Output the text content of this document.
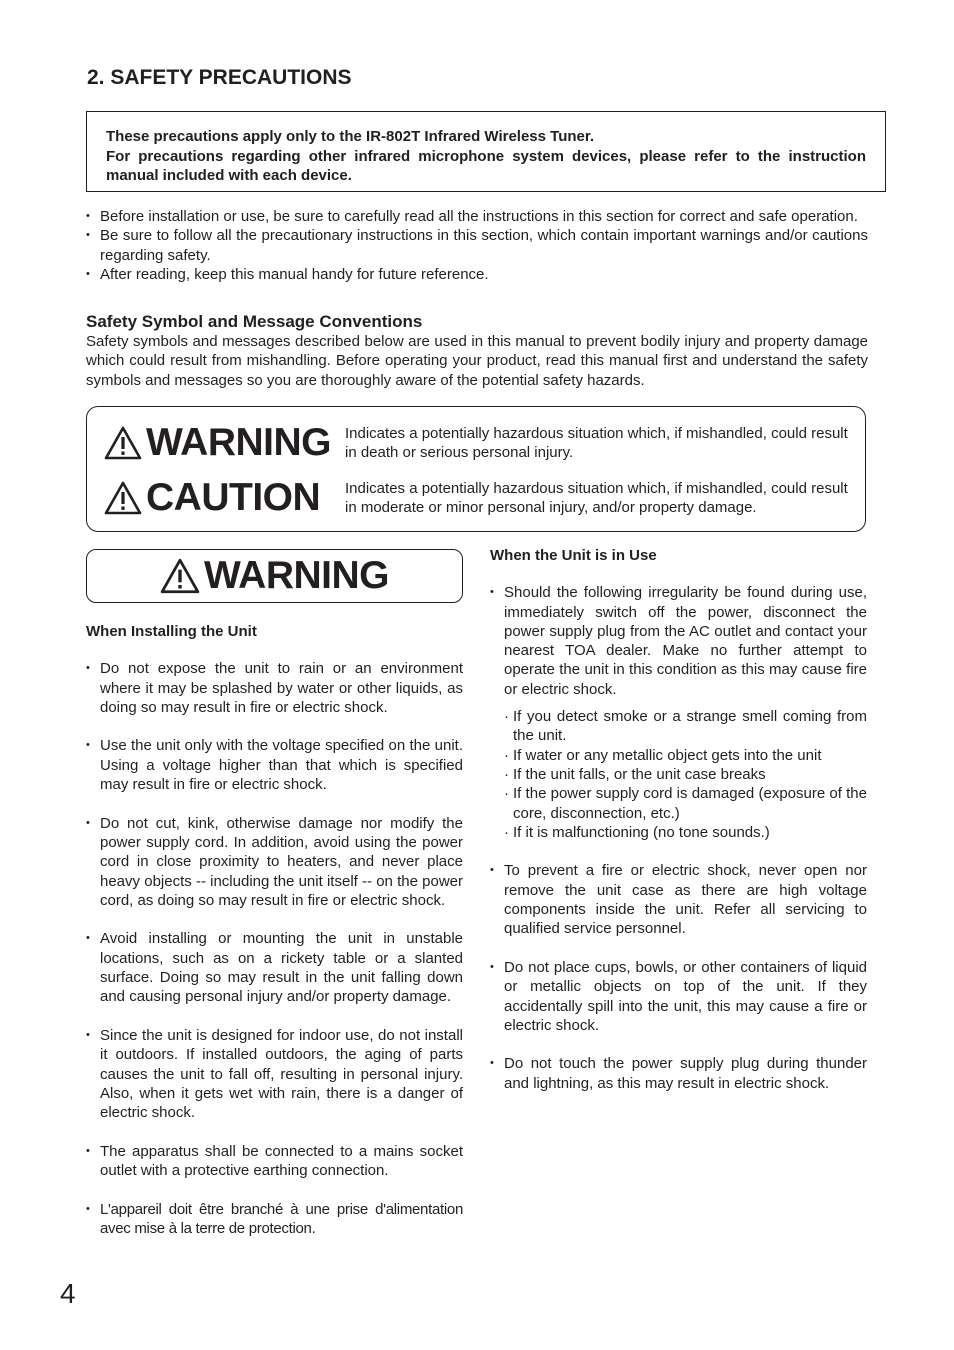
2. SAFETY PRECAUTIONS

These precautions apply only to the IR-802T Infrared Wireless Tuner.

For precautions regarding other infrared microphone system devices, please refer to the instruction manual included with each device.

• Before installation or use, be sure to carefully read all the instructions in this section for correct and safe operation.
• Be sure to follow all the precautionary instructions in this section, which contain important warnings and/or cautions regarding safety.
• After reading, keep this manual handy for future reference.
Safety Symbol and Message Conventions

Safety symbols and messages described below are used in this manual to prevent bodily injury and property damage which could result from mishandling. Before operating your product, read this manual first and understand the safety symbols and messages so you are thoroughly aware of the potential safety hazards.

WARNING Indicates a potentially hazardous situation which, if mishandled, could result in death or serious personal injury.

CAUTION Indicates a potentially hazardous situation which, if mishandled, could result in moderate or minor personal injury, and/or property damage.

WARNING
When Installing the Unit
• Do not expose the unit to rain or an environment where it may be splashed by water or other liquids, as doing so may result in fire or electric shock.
• Use the unit only with the voltage specified on the unit. Using a voltage higher than that which is specified may result in fire or electric shock.
• Do not cut, kink, otherwise damage nor modify the power supply cord. In addition, avoid using the power cord in close proximity to heaters, and never place heavy objects -- including the unit itself -- on the power cord, as doing so may result in fire or electric shock.
• Avoid installing or mounting the unit in unstable locations, such as on a rickety table or a slanted surface. Doing so may result in the unit falling down and causing personal injury and/or property damage.
• Since the unit is designed for indoor use, do not install it outdoors. If installed outdoors, the aging of parts causes the unit to fall off, resulting in personal injury. Also, when it gets wet with rain, there is a danger of electric shock.
• The apparatus shall be connected to a mains socket outlet with a protective earthing connection.
• L'appareil doit être branché à une prise d'alimentation avec mise à la terre de protection.
When the Unit is in Use
• Should the following irregularity be found during use, immediately switch off the power, disconnect the power supply plug from the AC outlet and contact your nearest TOA dealer. Make no further attempt to operate the unit in this condition as this may cause fire or electric shock.
· If you detect smoke or a strange smell coming from the unit.
· If water or any metallic object gets into the unit
· If the unit falls, or the unit case breaks
· If the power supply cord is damaged (exposure of the core, disconnection, etc.)
· If it is malfunctioning (no tone sounds.)
• To prevent a fire or electric shock, never open nor remove the unit case as there are high voltage components inside the unit. Refer all servicing to qualified service personnel.
• Do not place cups, bowls, or other containers of liquid or metallic objects on top of the unit. If they accidentally spill into the unit, this may cause a fire or electric shock.
• Do not touch the power supply plug during thunder and lightning, as this may result in electric shock.

4
